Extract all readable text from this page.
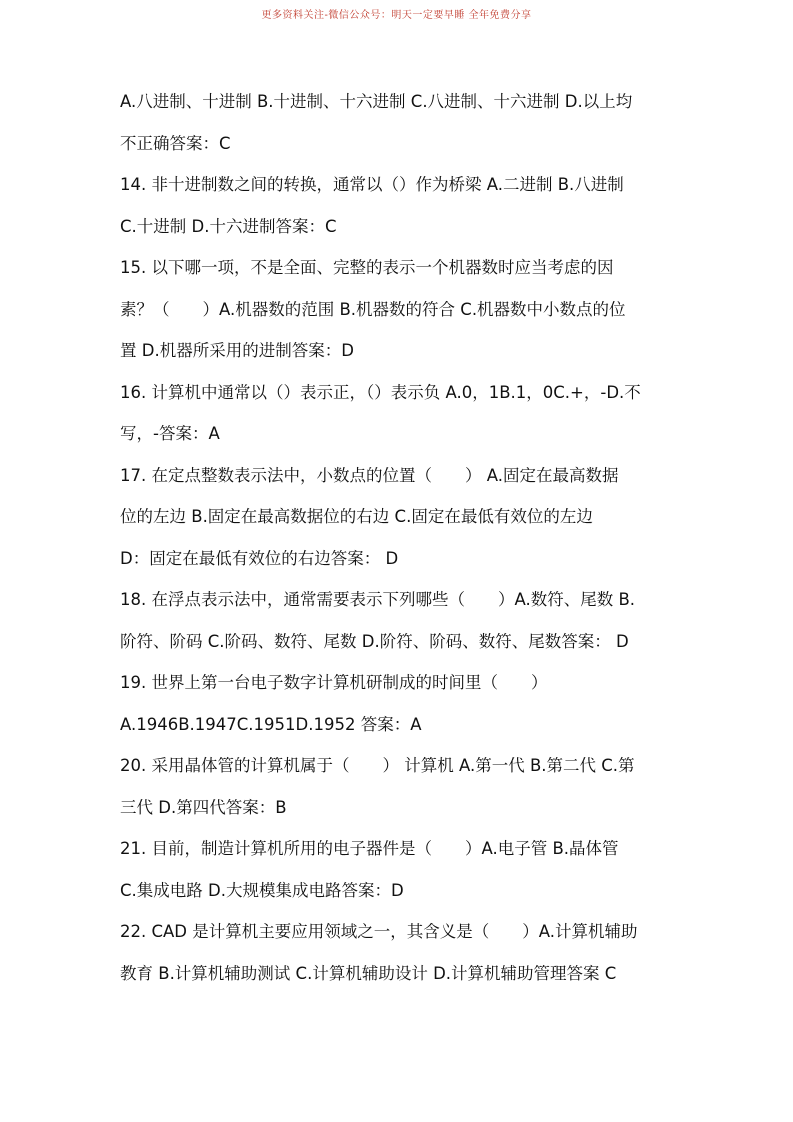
更多资料关注-微信公众号：明天一定要早睡 全年免费分享
A.八进制、十进制 B.十进制、十六进制 C.八进制、十六进制 D.以上均
不正确答案：C
14. 非十进制数之间的转换，通常以（）作为桥梁 A.二进制 B.八进制
C.十进制 D.十六进制答案：C
15. 以下哪一项，不是全面、完整的表示一个机器数时应当考虑的因
素？（　　）A.机器数的范围 B.机器数的符合 C.机器数中小数点的位
置 D.机器所采用的进制答案：D
16. 计算机中通常以（）表示正，（）表示负 A.0，1B.1，0C.+，-D.不
写，-答案：A
17. 在定点整数表示法中，小数点的位置（　　） A.固定在最高数据
位的左边 B.固定在最高数据位的右边 C.固定在最低有效位的左边
D：固定在最低有效位的右边答案： D
18. 在浮点表示法中，通常需要表示下列哪些（　　）A.数符、尾数 B.
阶符、阶码 C.阶码、数符、尾数 D.阶符、阶码、数符、尾数答案： D
19. 世界上第一台电子数字计算机研制成的时间里（　　）
A.1946B.1947C.1951D.1952 答案：A
20. 采用晶体管的计算机属于（　　） 计算机 A.第一代 B.第二代 C.第
三代 D.第四代答案：B
21. 目前，制造计算机所用的电子器件是（　　）A.电子管 B.晶体管
C.集成电路 D.大规模集成电路答案：D
22. CAD 是计算机主要应用领域之一，其含义是（　　）A.计算机辅助
教育 B.计算机辅助测试 C.计算机辅助设计 D.计算机辅助管理答案 C
